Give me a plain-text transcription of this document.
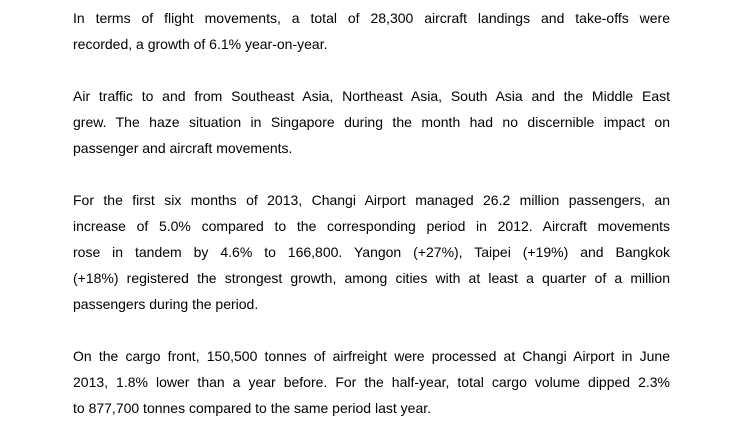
In terms of flight movements, a total of 28,300 aircraft landings and take-offs were
recorded, a growth of 6.1% year-on-year.
Air traffic to and from Southeast Asia, Northeast Asia, South Asia and the Middle East
grew. The haze situation in Singapore during the month had no discernible impact on
passenger and aircraft movements.
For the first six months of 2013, Changi Airport managed 26.2 million passengers, an
increase of 5.0% compared to the corresponding period in 2012. Aircraft movements
rose in tandem by 4.6% to 166,800. Yangon (+27%), Taipei (+19%) and Bangkok
(+18%) registered the strongest growth, among cities with at least a quarter of a million
passengers during the period.
On the cargo front, 150,500 tonnes of airfreight were processed at Changi Airport in June
2013, 1.8% lower than a year before. For the half-year, total cargo volume dipped 2.3%
to 877,700 tonnes compared to the same period last year.
